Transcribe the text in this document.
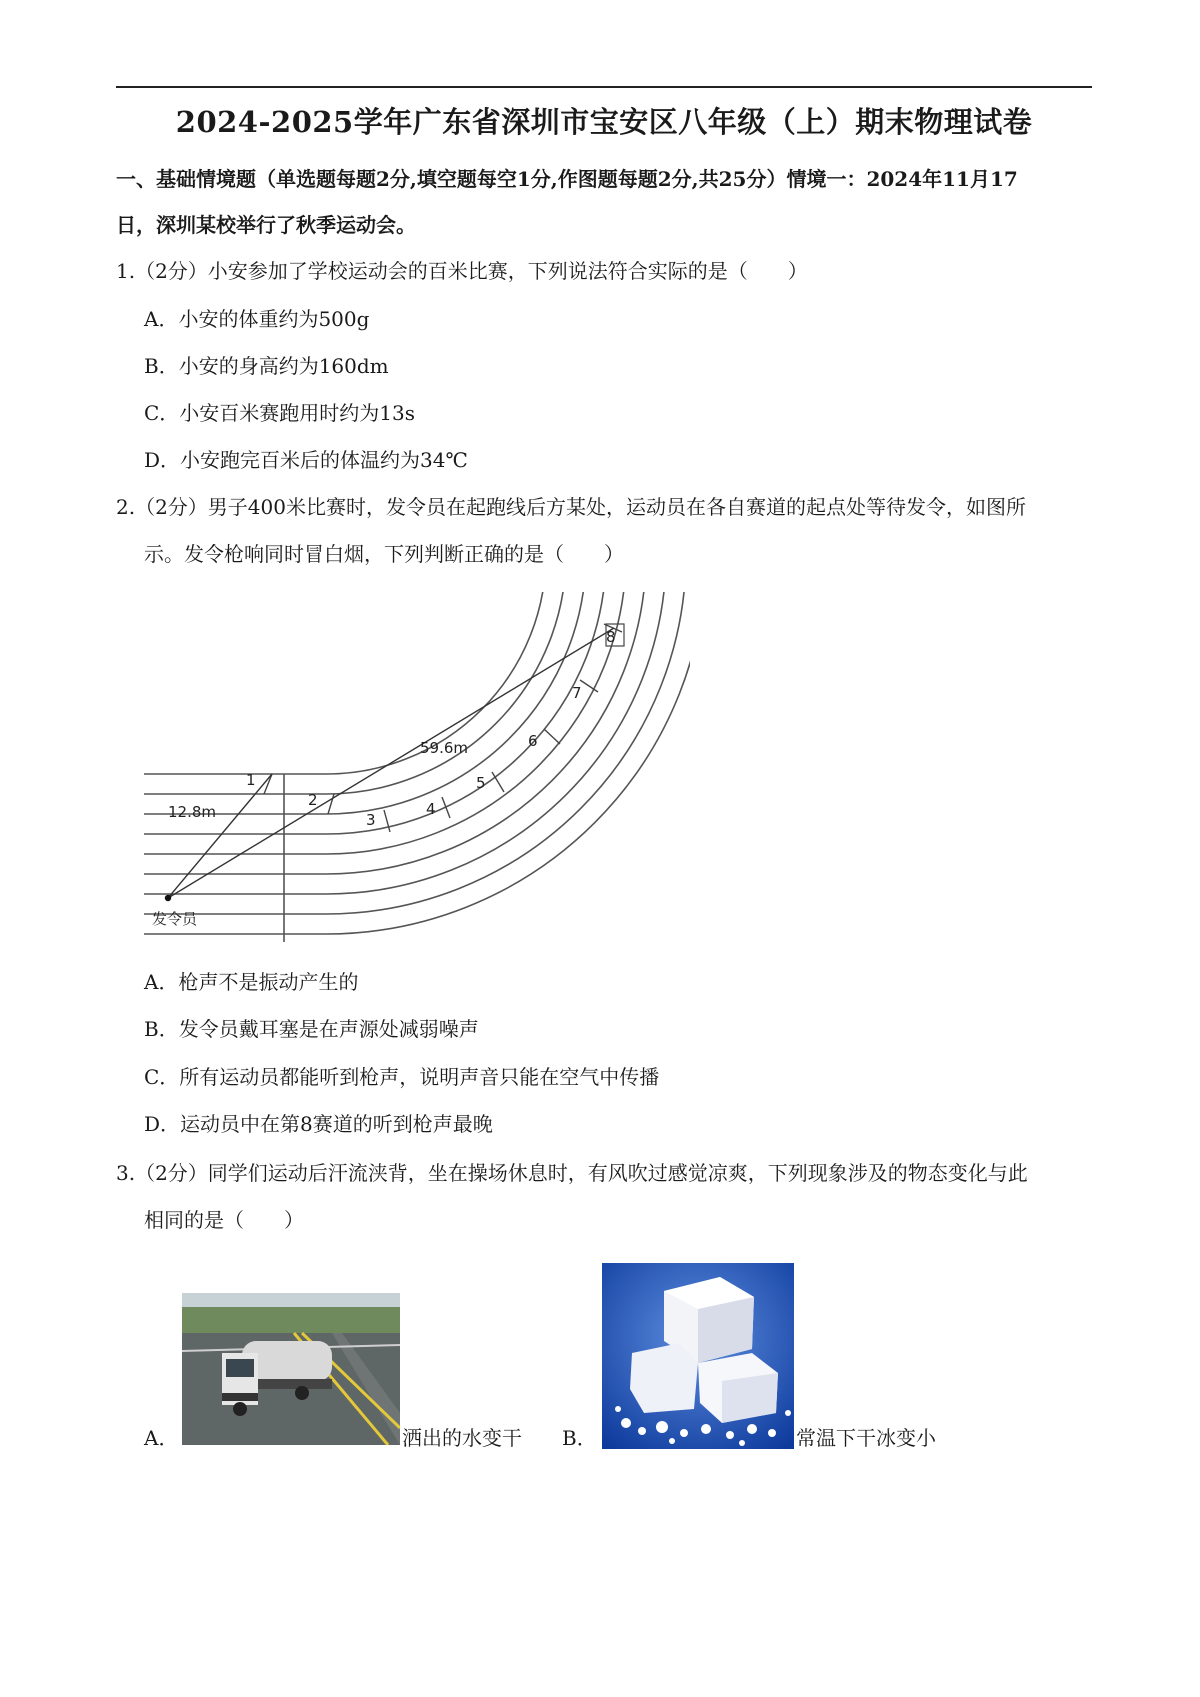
2024-2025学年广东省深圳市宝安区八年级（上）期末物理试卷
一、基础情境题（单选题每题2分,填空题每空1分,作图题每题2分,共25分）情境一：2024年11月17
日，深圳某校举行了秋季运动会。
1.（2分）小安参加了学校运动会的百米比赛，下列说法符合实际的是（　　）
A．小安的体重约为500g
B．小安的身高约为160dm
C．小安百米赛跑用时约为13s
D．小安跑完百米后的体温约为34℃
2.（2分）男子400米比赛时，发令员在起跑线后方某处，运动员在各自赛道的起点处等待发令，如图所
示。发令枪响同时冒白烟，下列判断正确的是（　　）
1
2
3
4
5
6
7
8
12.8m
59.6m
发令员
A．枪声不是振动产生的
B．发令员戴耳塞是在声源处减弱噪声
C．所有运动员都能听到枪声，说明声音只能在空气中传播
D．运动员中在第8赛道的听到枪声最晚
3.（2分）同学们运动后汗流浃背，坐在操场休息时，有风吹过感觉凉爽，下列现象涉及的物态变化与此
相同的是（　　）
A．	洒出的水变干 B．	常温下干冰变小
